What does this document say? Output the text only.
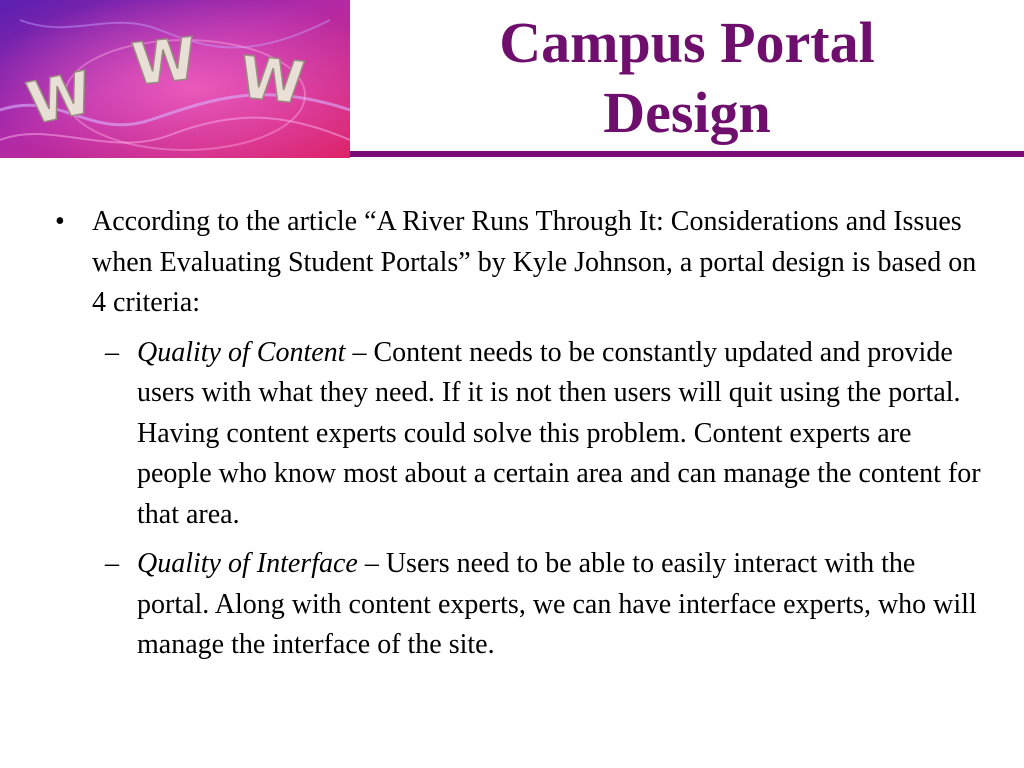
W W W
Campus Portal
Design
• According to the article “A River Runs Through It: Considerations and Issues when Evaluating Student Portals” by Kyle Johnson, a portal design is based on 4 criteria:
– Quality of Content – Content needs to be constantly updated and provide users with what they need. If it is not then users will quit using the portal. Having content experts could solve this problem. Content experts are people who know most about a certain area and can manage the content for that area.
– Quality of Interface – Users need to be able to easily interact with the portal. Along with content experts, we can have interface experts, who will manage the interface of the site.
